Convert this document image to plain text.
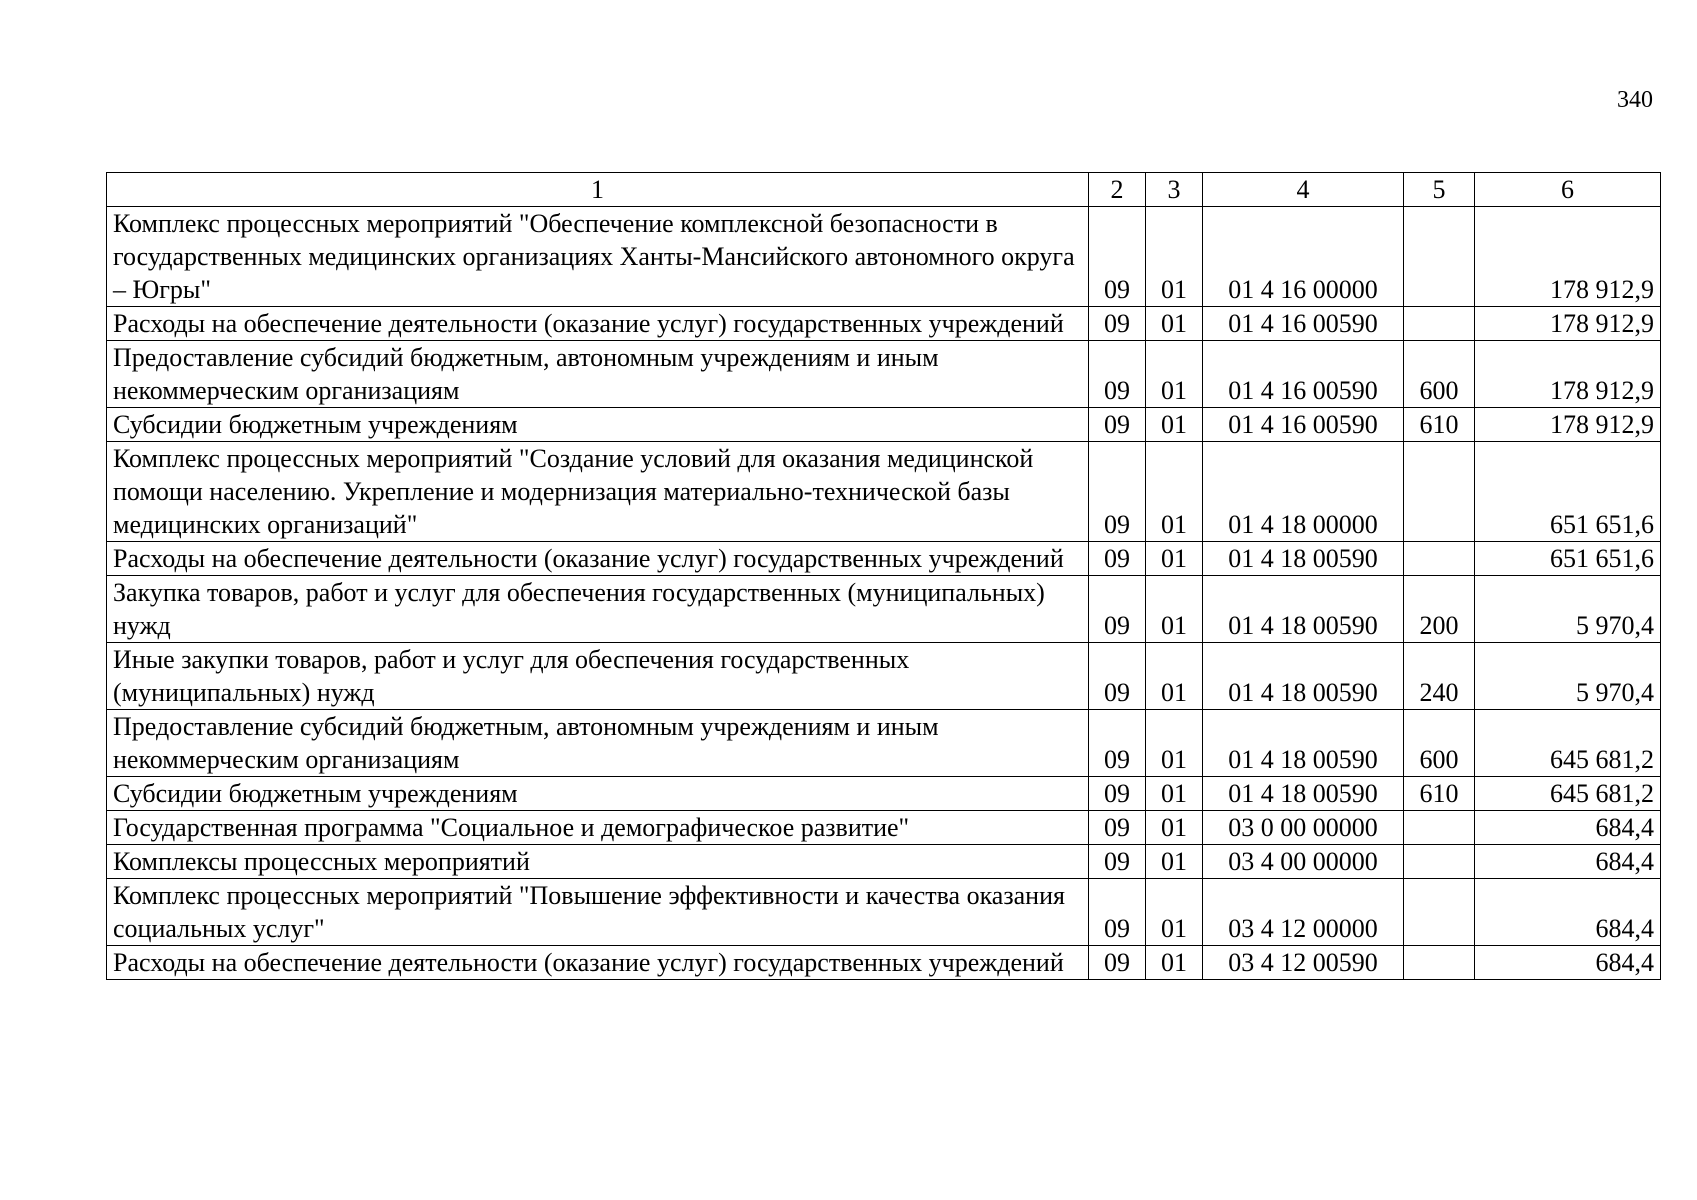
340
1	2	3	4	5	6
Комплекс процессных мероприятий "Обеспечение комплексной безопасности в государственных медицинских организациях Ханты-Мансийского автономного округа – Югры"	09	01	01 4 16 00000		178 912,9
Расходы на обеспечение деятельности (оказание услуг) государственных учреждений	09	01	01 4 16 00590		178 912,9
Предоставление субсидий бюджетным, автономным учреждениям и иным некоммерческим организациям	09	01	01 4 16 00590	600	178 912,9
Субсидии бюджетным учреждениям	09	01	01 4 16 00590	610	178 912,9
Комплекс процессных мероприятий "Создание условий для оказания медицинской помощи населению. Укрепление и модернизация материально-технической базы медицинских организаций"	09	01	01 4 18 00000		651 651,6
Расходы на обеспечение деятельности (оказание услуг) государственных учреждений	09	01	01 4 18 00590		651 651,6
Закупка товаров, работ и услуг для обеспечения государственных (муниципальных) нужд	09	01	01 4 18 00590	200	5 970,4
Иные закупки товаров, работ и услуг для обеспечения государственных (муниципальных) нужд	09	01	01 4 18 00590	240	5 970,4
Предоставление субсидий бюджетным, автономным учреждениям и иным некоммерческим организациям	09	01	01 4 18 00590	600	645 681,2
Субсидии бюджетным учреждениям	09	01	01 4 18 00590	610	645 681,2
Государственная программа "Социальное и демографическое развитие"	09	01	03 0 00 00000		684,4
Комплексы процессных мероприятий	09	01	03 4 00 00000		684,4
Комплекс процессных мероприятий "Повышение эффективности и качества оказания социальных услуг"	09	01	03 4 12 00000		684,4
Расходы на обеспечение деятельности (оказание услуг) государственных учреждений	09	01	03 4 12 00590		684,4
